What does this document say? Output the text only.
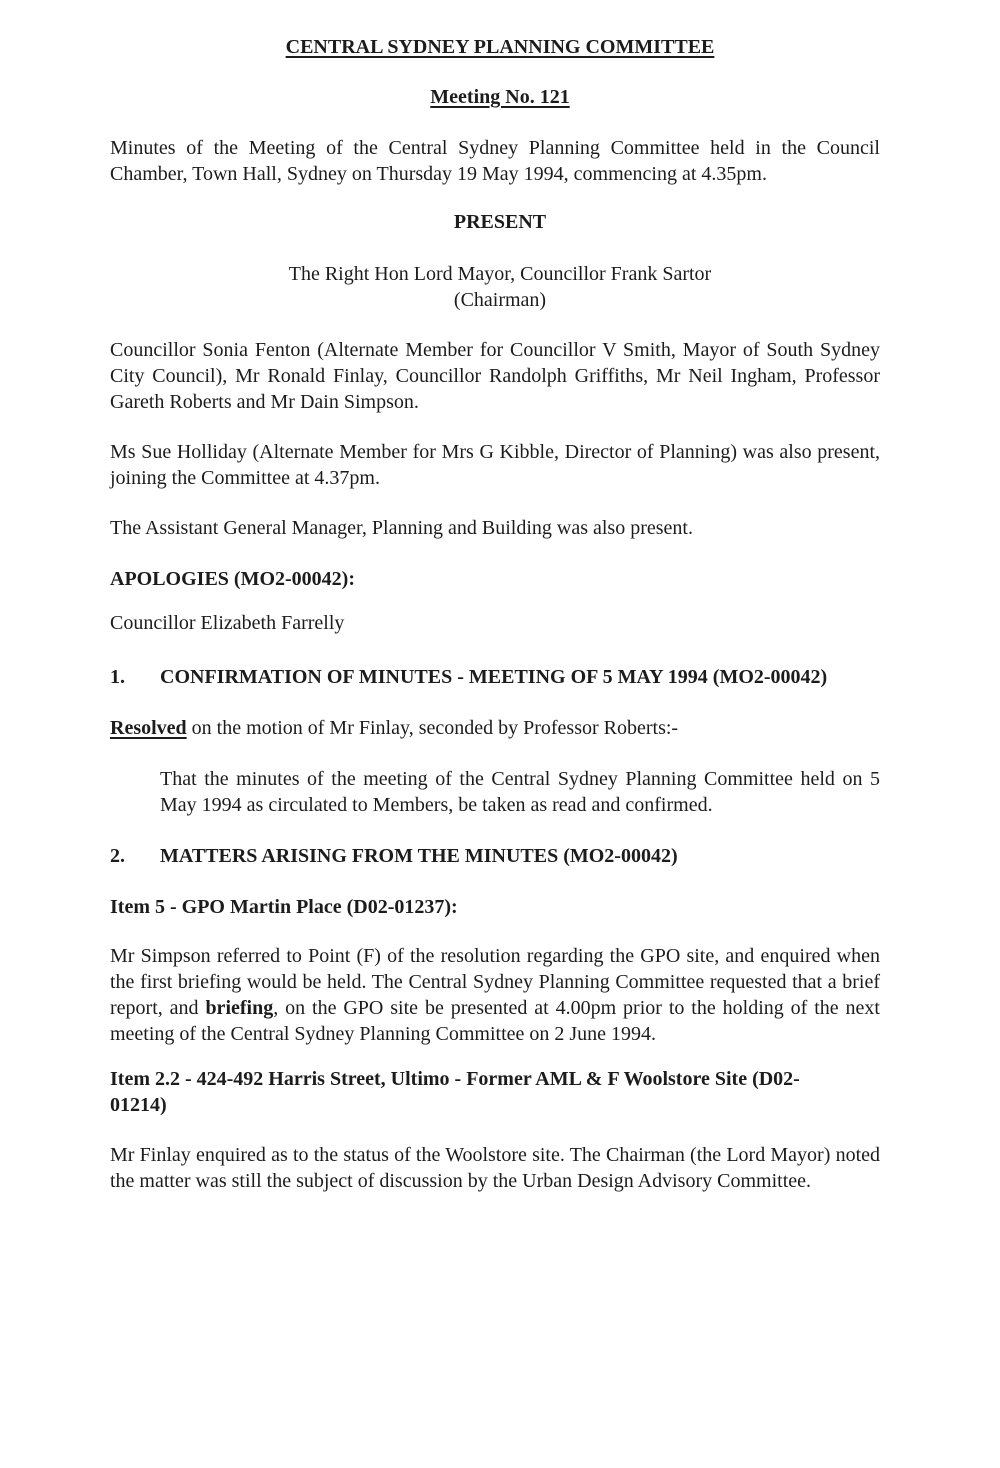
CENTRAL SYDNEY PLANNING COMMITTEE
Meeting No. 121

Minutes of the Meeting of the Central Sydney Planning Committee held in the Council Chamber, Town Hall, Sydney on Thursday 19 May 1994, commencing at 4.35pm.

PRESENT
The Right Hon Lord Mayor, Councillor Frank Sartor
(Chairman)

Councillor Sonia Fenton (Alternate Member for Councillor V Smith, Mayor of South Sydney City Council), Mr Ronald Finlay, Councillor Randolph Griffiths, Mr Neil Ingham, Professor Gareth Roberts and Mr Dain Simpson.

Ms Sue Holliday (Alternate Member for Mrs G Kibble, Director of Planning) was also present, joining the Committee at 4.37pm.

The Assistant General Manager, Planning and Building was also present.

APOLOGIES (MO2-00042):

Councillor Elizabeth Farrelly

1. CONFIRMATION OF MINUTES - MEETING OF 5 MAY 1994 (MO2-00042)

Resolved on the motion of Mr Finlay, seconded by Professor Roberts:-

That the minutes of the meeting of the Central Sydney Planning Committee held on 5 May 1994 as circulated to Members, be taken as read and confirmed.

2. MATTERS ARISING FROM THE MINUTES (MO2-00042)
Item 5 - GPO Martin Place (D02-01237):

Mr Simpson referred to Point (F) of the resolution regarding the GPO site, and enquired when the first briefing would be held. The Central Sydney Planning Committee requested that a brief report, and briefing, on the GPO site be presented at 4.00pm prior to the holding of the next meeting of the Central Sydney Planning Committee on 2 June 1994.

Item 2.2 - 424-492 Harris Street, Ultimo - Former AML & F Woolstore Site (D02-
01214)

Mr Finlay enquired as to the status of the Woolstore site. The Chairman (the Lord Mayor) noted the matter was still the subject of discussion by the Urban Design Advisory Committee.
